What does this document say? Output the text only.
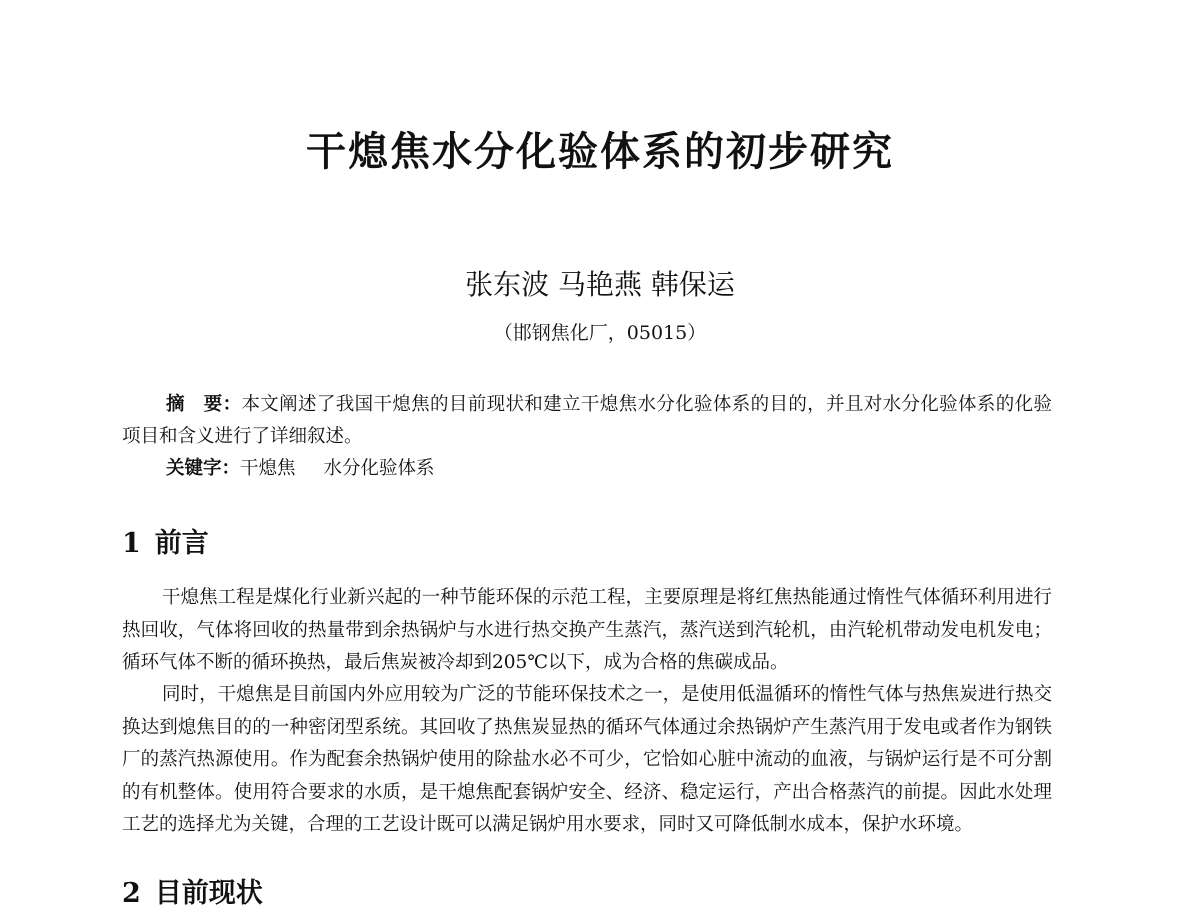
干熄焦水分化验体系的初步研究
张东波 马艳燕 韩保运
（邯钢焦化厂，05015）

摘　要：本文阐述了我国干熄焦的目前现状和建立干熄焦水分化验体系的目的，并且对水分化验体系的化验项目和含义进行了详细叙述。

关键字：干熄焦 水分化验体系
1 前言

干熄焦工程是煤化行业新兴起的一种节能环保的示范工程，主要原理是将红焦热能通过惰性气体循环利用进行热回收，气体将回收的热量带到余热锅炉与水进行热交换产生蒸汽，蒸汽送到汽轮机，由汽轮机带动发电机发电；循环气体不断的循环换热，最后焦炭被冷却到205℃以下，成为合格的焦碳成品。

同时，干熄焦是目前国内外应用较为广泛的节能环保技术之一，是使用低温循环的惰性气体与热焦炭进行热交换达到熄焦目的的一种密闭型系统。其回收了热焦炭显热的循环气体通过余热锅炉产生蒸汽用于发电或者作为钢铁厂的蒸汽热源使用。作为配套余热锅炉使用的除盐水必不可少，它恰如心脏中流动的血液，与锅炉运行是不可分割的有机整体。使用符合要求的水质，是干熄焦配套锅炉安全、经济、稳定运行，产出合格蒸汽的前提。因此水处理工艺的选择尤为关键，合理的工艺设计既可以满足锅炉用水要求，同时又可降低制水成本，保护水环境。

2 目前现状
